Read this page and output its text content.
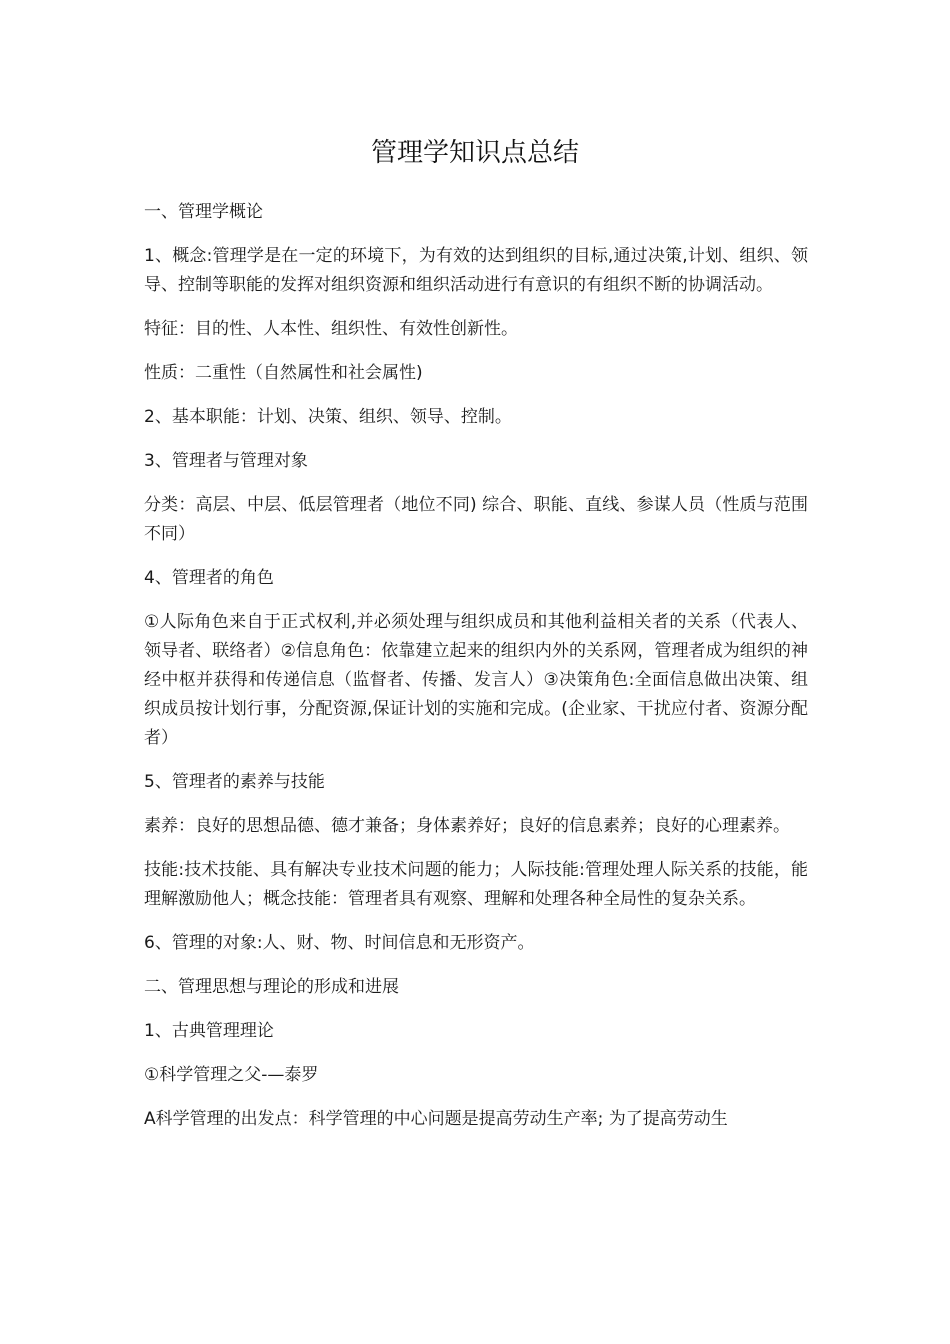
管理学知识点总结

一、管理学概论

1、概念:管理学是在一定的环境下，为有效的达到组织的目标,通过决策,计划、组织、领导、控制等职能的发挥对组织资源和组织活动进行有意识的有组织不断的协调活动。

特征：目的性、人本性、组织性、有效性创新性。

性质：二重性（自然属性和社会属性)

2、基本职能：计划、决策、组织、领导、控制。

3、管理者与管理对象

分类：高层、中层、低层管理者（地位不同) 综合、职能、直线、参谋人员（性质与范围不同）

4、管理者的角色

①人际角色来自于正式权利,并必须处理与组织成员和其他利益相关者的关系（代表人、领导者、联络者）②信息角色：依靠建立起来的组织内外的关系网，管理者成为组织的神经中枢并获得和传递信息（监督者、传播、发言人）③决策角色:全面信息做出决策、组织成员按计划行事，分配资源,保证计划的实施和完成。(企业家、干扰应付者、资源分配者）

5、管理者的素养与技能

素养：良好的思想品德、德才兼备；身体素养好；良好的信息素养；良好的心理素养。

技能:技术技能、具有解决专业技术问题的能力；人际技能:管理处理人际关系的技能，能理解激励他人；概念技能：管理者具有观察、理解和处理各种全局性的复杂关系。

6、管理的对象:人、财、物、时间信息和无形资产。

二、管理思想与理论的形成和进展

1、古典管理理论

①科学管理之父-—泰罗

A科学管理的出发点：科学管理的中心问题是提高劳动生产率; 为了提高劳动生
